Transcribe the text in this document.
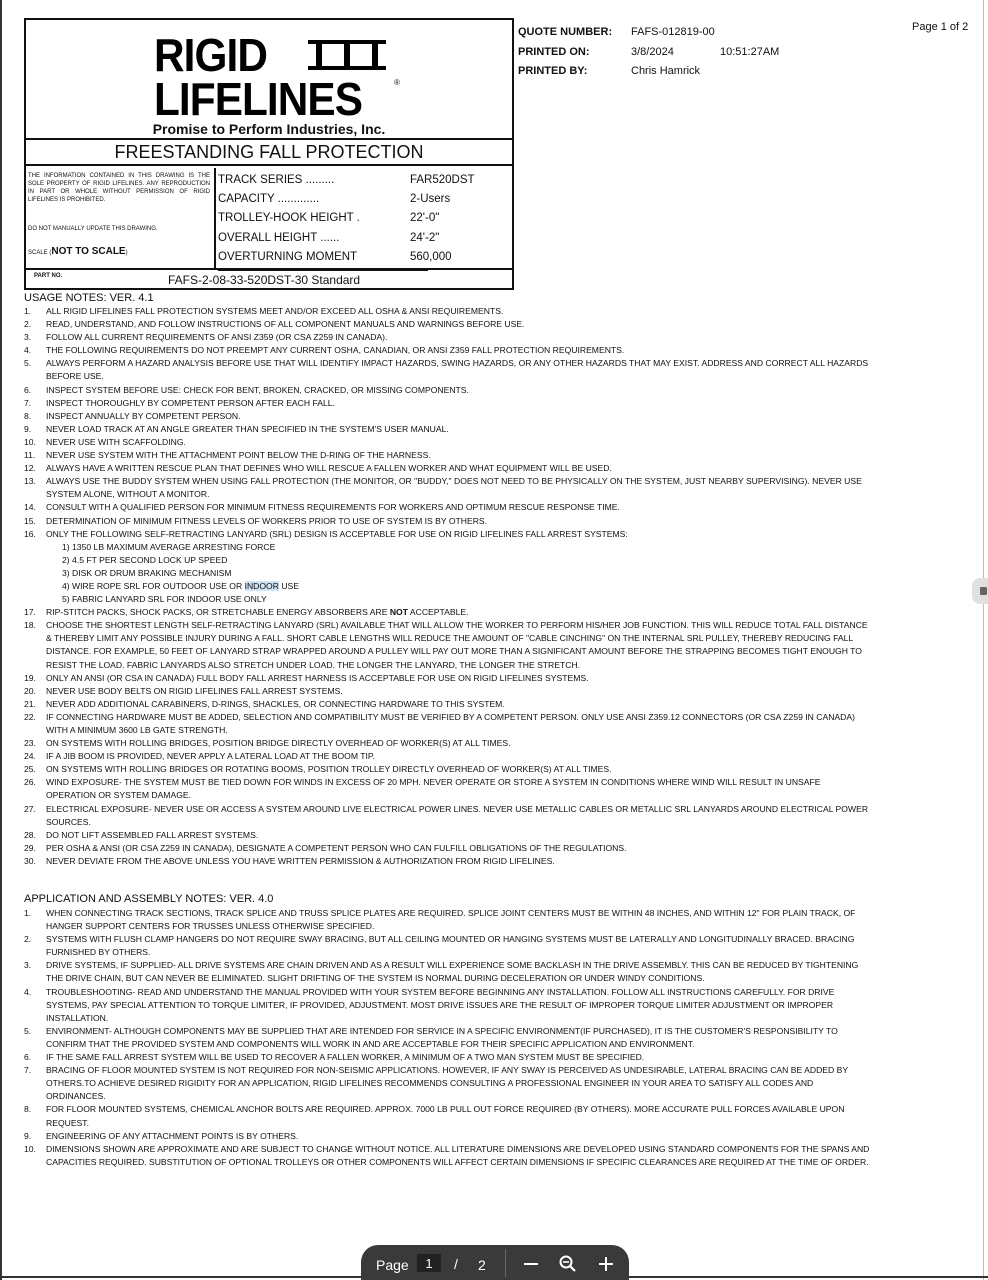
RIGID
LIFELINES	®
Promise to Perform Industries, Inc.
FREESTANDING FALL PROTECTION
THE INFORMATION CONTAINED IN THIS DRAWING IS THE SOLE PROPERTY OF RIGID LIFELINES. ANY REPRODUCTION IN PART OR WHOLE WITHOUT PERMISSION OF RIGID LIFELINES IS PROHIBITED.
DO NOT MANUALLY UPDATE THIS DRAWING.
SCALE (NOT TO SCALE)
TRACK SERIES .........	FAR520DST
CAPACITY .............	2-Users
TROLLEY-HOOK HEIGHT .	22'-0"
OVERALL HEIGHT ......	24'-2"
OVERTURNING MOMENT	560,000
PART NO.	FAFS-2-08-33-520DST-30 Standard
QUOTE NUMBER: FAFS-012819-00
PRINTED ON:	3/8/2024	10:51:27AM
PRINTED BY:	Chris Hamrick
Page 1 of 2
USAGE NOTES: VER. 4.1
1. ALL RIGID LIFELINES FALL PROTECTION SYSTEMS MEET AND/OR EXCEED ALL OSHA & ANSI REQUIREMENTS.
2. READ, UNDERSTAND, AND FOLLOW INSTRUCTIONS OF ALL COMPONENT MANUALS AND WARNINGS BEFORE USE.
3. FOLLOW ALL CURRENT REQUIREMENTS OF ANSI Z359 (OR CSA Z259 IN CANADA).
4. THE FOLLOWING REQUIREMENTS DO NOT PREEMPT ANY CURRENT OSHA, CANADIAN, OR ANSI Z359 FALL PROTECTION REQUIREMENTS.
5. ALWAYS PERFORM A HAZARD ANALYSIS BEFORE USE THAT WILL IDENTIFY IMPACT HAZARDS, SWING HAZARDS, OR ANY OTHER HAZARDS THAT MAY EXIST. ADDRESS AND CORRECT ALL HAZARDS BEFORE USE.
6. INSPECT SYSTEM BEFORE USE: CHECK FOR BENT, BROKEN, CRACKED, OR MISSING COMPONENTS.
7. INSPECT THOROUGHLY BY COMPETENT PERSON AFTER EACH FALL.
8. INSPECT ANNUALLY BY COMPETENT PERSON.
9. NEVER LOAD TRACK AT AN ANGLE GREATER THAN SPECIFIED IN THE SYSTEM'S USER MANUAL.
10. NEVER USE WITH SCAFFOLDING.
11. NEVER USE SYSTEM WITH THE ATTACHMENT POINT BELOW THE D-RING OF THE HARNESS.
12. ALWAYS HAVE A WRITTEN RESCUE PLAN THAT DEFINES WHO WILL RESCUE A FALLEN WORKER AND WHAT EQUIPMENT WILL BE USED.
13. ALWAYS USE THE BUDDY SYSTEM WHEN USING FALL PROTECTION (THE MONITOR, OR "BUDDY," DOES NOT NEED TO BE PHYSICALLY ON THE SYSTEM, JUST NEARBY SUPERVISING). NEVER USE SYSTEM ALONE, WITHOUT A MONITOR.
14. CONSULT WITH A QUALIFIED PERSON FOR MINIMUM FITNESS REQUIREMENTS FOR WORKERS AND OPTIMUM RESCUE RESPONSE TIME.
15. DETERMINATION OF MINIMUM FITNESS LEVELS OF WORKERS PRIOR TO USE OF SYSTEM IS BY OTHERS.
16. ONLY THE FOLLOWING SELF-RETRACTING LANYARD (SRL) DESIGN IS ACCEPTABLE FOR USE ON RIGID LIFELINES FALL ARREST SYSTEMS:
1) 1350 LB MAXIMUM AVERAGE ARRESTING FORCE
2) 4.5 FT PER SECOND LOCK UP SPEED
3) DISK OR DRUM BRAKING MECHANISM
4) WIRE ROPE SRL FOR OUTDOOR USE OR INDOOR USE
5) FABRIC LANYARD SRL FOR INDOOR USE ONLY
17. RIP-STITCH PACKS, SHOCK PACKS, OR STRETCHABLE ENERGY ABSORBERS ARE NOT ACCEPTABLE.
18. CHOOSE THE SHORTEST LENGTH SELF-RETRACTING LANYARD (SRL) AVAILABLE THAT WILL ALLOW THE WORKER TO PERFORM HIS/HER JOB FUNCTION. THIS WILL REDUCE TOTAL FALL DISTANCE & THEREBY LIMIT ANY POSSIBLE INJURY DURING A FALL. SHORT CABLE LENGTHS WILL REDUCE THE AMOUNT OF "CABLE CINCHING" ON THE INTERNAL SRL PULLEY, THEREBY REDUCING FALL DISTANCE. FOR EXAMPLE, 50 FEET OF LANYARD STRAP WRAPPED AROUND A PULLEY WILL PAY OUT MORE THAN A SIGNIFICANT AMOUNT BEFORE THE STRAPPING BECOMES TIGHT ENOUGH TO RESIST THE LOAD. FABRIC LANYARDS ALSO STRETCH UNDER LOAD. THE LONGER THE LANYARD, THE LONGER THE STRETCH.
19. ONLY AN ANSI (OR CSA IN CANADA) FULL BODY FALL ARREST HARNESS IS ACCEPTABLE FOR USE ON RIGID LIFELINES SYSTEMS.
20. NEVER USE BODY BELTS ON RIGID LIFELINES FALL ARREST SYSTEMS.
21. NEVER ADD ADDITIONAL CARABINERS, D-RINGS, SHACKLES, OR CONNECTING HARDWARE TO THIS SYSTEM.
22. IF CONNECTING HARDWARE MUST BE ADDED, SELECTION AND COMPATIBILITY MUST BE VERIFIED BY A COMPETENT PERSON. ONLY USE ANSI Z359.12 CONNECTORS (OR CSA Z259 IN CANADA) WITH A MINIMUM 3600 LB GATE STRENGTH.
23. ON SYSTEMS WITH ROLLING BRIDGES, POSITION BRIDGE DIRECTLY OVERHEAD OF WORKER(S) AT ALL TIMES.
24. IF A JIB BOOM IS PROVIDED, NEVER APPLY A LATERAL LOAD AT THE BOOM TIP.
25. ON SYSTEMS WITH ROLLING BRIDGES OR ROTATING BOOMS, POSITION TROLLEY DIRECTLY OVERHEAD OF WORKER(S) AT ALL TIMES.
26. WIND EXPOSURE- THE SYSTEM MUST BE TIED DOWN FOR WINDS IN EXCESS OF 20 MPH. NEVER OPERATE OR STORE A SYSTEM IN CONDITIONS WHERE WIND WILL RESULT IN UNSAFE OPERATION OR SYSTEM DAMAGE.
27. ELECTRICAL EXPOSURE- NEVER USE OR ACCESS A SYSTEM AROUND LIVE ELECTRICAL POWER LINES. NEVER USE METALLIC CABLES OR METALLIC SRL LANYARDS AROUND ELECTRICAL POWER SOURCES.
28. DO NOT LIFT ASSEMBLED FALL ARREST SYSTEMS.
29. PER OSHA & ANSI (OR CSA Z259 IN CANADA), DESIGNATE A COMPETENT PERSON WHO CAN FULFILL OBLIGATIONS OF THE REGULATIONS.
30. NEVER DEVIATE FROM THE ABOVE UNLESS YOU HAVE WRITTEN PERMISSION & AUTHORIZATION FROM RIGID LIFELINES.
APPLICATION AND ASSEMBLY NOTES: VER. 4.0
1. WHEN CONNECTING TRACK SECTIONS, TRACK SPLICE AND TRUSS SPLICE PLATES ARE REQUIRED. SPLICE JOINT CENTERS MUST BE WITHIN 48 INCHES, AND WITHIN 12" FOR PLAIN TRACK, OF HANGER SUPPORT CENTERS FOR TRUSSES UNLESS OTHERWISE SPECIFIED.
2. SYSTEMS WITH FLUSH CLAMP HANGERS DO NOT REQUIRE SWAY BRACING, BUT ALL CEILING MOUNTED OR HANGING SYSTEMS MUST BE LATERALLY AND LONGITUDINALLY BRACED. BRACING FURNISHED BY OTHERS.
3. DRIVE SYSTEMS, IF SUPPLIED- ALL DRIVE SYSTEMS ARE CHAIN DRIVEN AND AS A RESULT WILL EXPERIENCE SOME BACKLASH IN THE DRIVE ASSEMBLY. THIS CAN BE REDUCED BY TIGHTENING THE DRIVE CHAIN, BUT CAN NEVER BE ELIMINATED. SLIGHT DRIFTING OF THE SYSTEM IS NORMAL DURING DECELERATION OR UNDER WINDY CONDITIONS.
4. TROUBLESHOOTING- READ AND UNDERSTAND THE MANUAL PROVIDED WITH YOUR SYSTEM BEFORE BEGINNING ANY INSTALLATION. FOLLOW ALL INSTRUCTIONS CAREFULLY. FOR DRIVE SYSTEMS, PAY SPECIAL ATTENTION TO TORQUE LIMITER, IF PROVIDED, ADJUSTMENT. MOST DRIVE ISSUES ARE THE RESULT OF IMPROPER TORQUE LIMITER ADJUSTMENT OR IMPROPER INSTALLATION.
5. ENVIRONMENT- ALTHOUGH COMPONENTS MAY BE SUPPLIED THAT ARE INTENDED FOR SERVICE IN A SPECIFIC ENVIRONMENT(IF PURCHASED), IT IS THE CUSTOMER'S RESPONSIBILITY TO CONFIRM THAT THE PROVIDED SYSTEM AND COMPONENTS WILL WORK IN AND ARE ACCEPTABLE FOR THEIR SPECIFIC APPLICATION AND ENVIRONMENT.
6. IF THE SAME FALL ARREST SYSTEM WILL BE USED TO RECOVER A FALLEN WORKER, A MINIMUM OF A TWO MAN SYSTEM MUST BE SPECIFIED.
7. BRACING OF FLOOR MOUNTED SYSTEM IS NOT REQUIRED FOR NON-SEISMIC APPLICATIONS. HOWEVER, IF ANY SWAY IS PERCEIVED AS UNDESIRABLE, LATERAL BRACING CAN BE ADDED BY OTHERS.TO ACHIEVE DESIRED RIGIDITY FOR AN APPLICATION, RIGID LIFELINES RECOMMENDS CONSULTING A PROFESSIONAL ENGINEER IN YOUR AREA TO SATISFY ALL CODES AND ORDINANCES.
8. FOR FLOOR MOUNTED SYSTEMS, CHEMICAL ANCHOR BOLTS ARE REQUIRED. APPROX. 7000 LB PULL OUT FORCE REQUIRED (BY OTHERS). MORE ACCURATE PULL FORCES AVAILABLE UPON REQUEST.
9. ENGINEERING OF ANY ATTACHMENT POINTS IS BY OTHERS.
10. DIMENSIONS SHOWN ARE APPROXIMATE AND ARE SUBJECT TO CHANGE WITHOUT NOTICE. ALL LITERATURE DIMENSIONS ARE DEVELOPED USING STANDARD COMPONENTS FOR THE SPANS AND CAPACITIES REQUIRED. SUBSTITUTION OF OPTIONAL TROLLEYS OR OTHER COMPONENTS WILL AFFECT CERTAIN DIMENSIONS IF SPECIFIC CLEARANCES ARE REQUIRED AT THE TIME OF ORDER.
Page
1	/ 2
